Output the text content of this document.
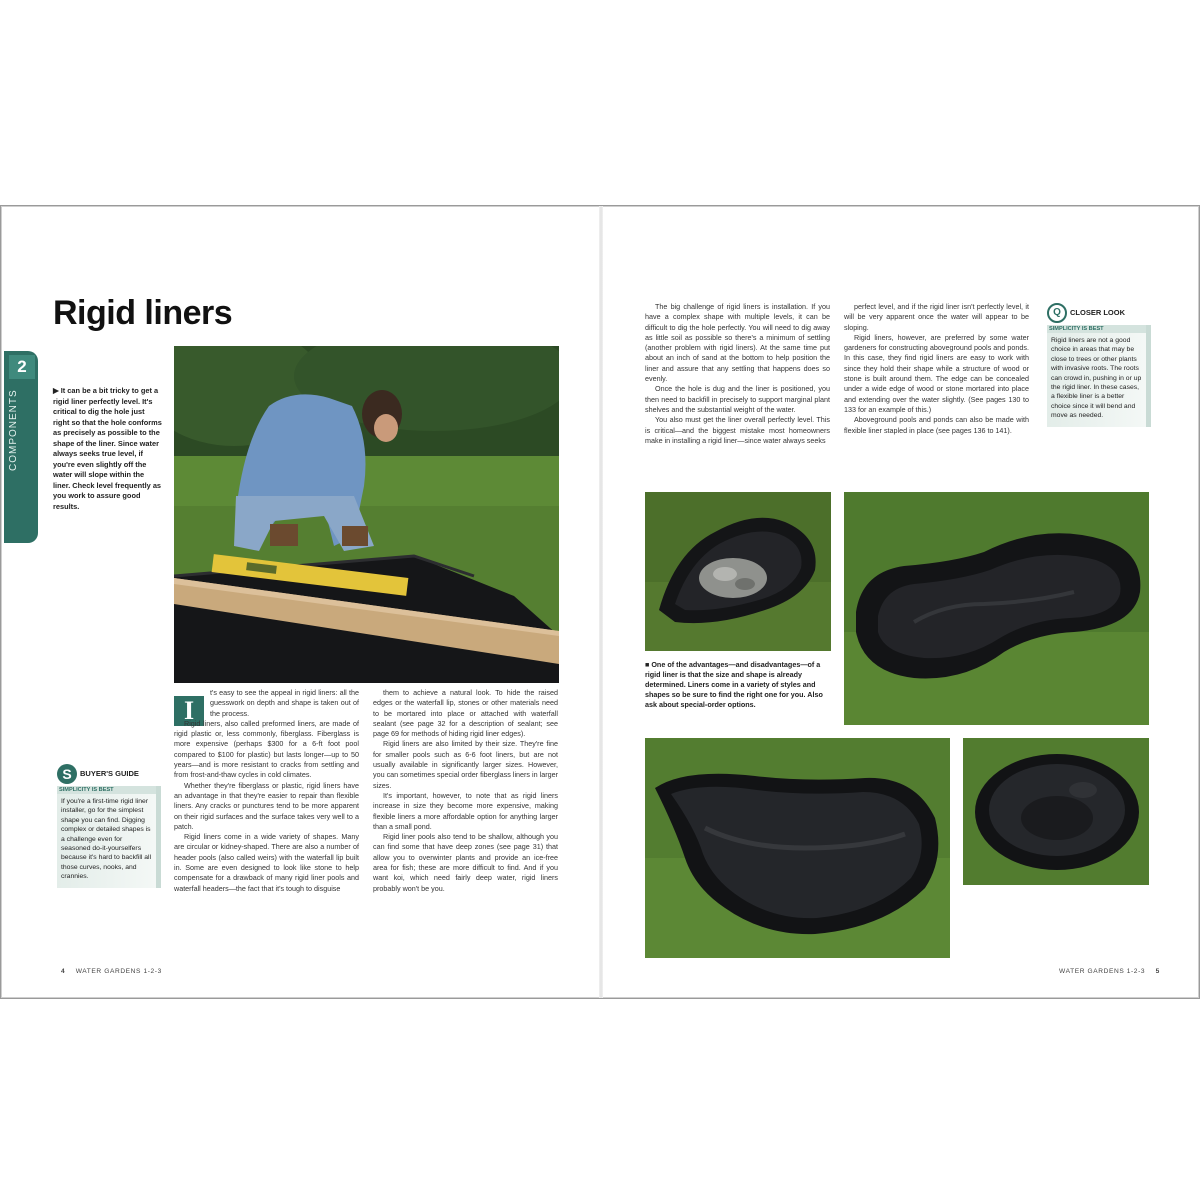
2
COMPONENTS
Rigid liners
▶ It can be a bit tricky to get a rigid liner perfectly level. It's critical to dig the hole just right so that the hole conforms as precisely as possible to the shape of the liner. Since water always seeks true level, if you're even slightly off the water will slope within the liner. Check level frequently as you work to assure good results.
I

t's easy to see the appeal in rigid liners: all the guesswork on depth and shape is taken out of the process.

Rigid liners, also called preformed liners, are made of rigid plastic or, less commonly, fiberglass. Fiberglass is more expensive (perhaps $300 for a 6-ft foot pool compared to $100 for plastic) but lasts longer—up to 50 years—and is more resistant to cracks from settling and from frost-and-thaw cycles in cold climates.

Whether they're fiberglass or plastic, rigid liners have an advantage in that they're easier to repair than flexible liners. Any cracks or punctures tend to be more apparent on their rigid surfaces and the surface takes very well to a patch.

Rigid liners come in a wide variety of shapes. Many are circular or kidney-shaped. There are also a number of header pools (also called weirs) with the waterfall lip built in. Some are even designed to look like stone to help compensate for a drawback of many rigid liner pools and waterfall headers—the fact that it's tough to disguise

them to achieve a natural look. To hide the raised edges or the waterfall lip, stones or other materials need to be mortared into place or attached with waterfall sealant (see page 32 for a description of sealant; see page 69 for methods of hiding rigid liner edges).

Rigid liners are also limited by their size. They're fine for smaller pools such as 6-6 foot liners, but are not usually available in significantly larger sizes. However, you can sometimes special order fiberglass liners in larger sizes.

It's important, however, to note that as rigid liners increase in size they become more expensive, making flexible liners a more affordable option for anything larger than a small pond.

Rigid liner pools also tend to be shallow, although you can find some that have deep zones (see page 31) that allow you to overwinter plants and provide an ice-free area for fish; these are more difficult to find. And if you want koi, which need fairly deep water, rigid liners probably won't be you.

S	BUYER'S GUIDE
SIMPLICITY IS BEST
If you're a first-time rigid liner installer, go for the simplest shape you can find. Digging complex or detailed shapes is a challenge even for seasoned do-it-yourselfers because it's hard to backfill all those curves, nooks, and crannies.

The big challenge of rigid liners is installation. If you have a complex shape with multiple levels, it can be difficult to dig the hole perfectly. You will need to dig away as little soil as possible so there's a minimum of settling (another problem with rigid liners). At the same time put about an inch of sand at the bottom to help position the liner and assure that any settling that happens does so evenly.

Once the hole is dug and the liner is positioned, you then need to backfill in precisely to support marginal plant shelves and the substantial weight of the water.

You also must get the liner overall perfectly level. This is critical—and the biggest mistake most homeowners make in installing a rigid liner—since water always seeks

perfect level, and if the rigid liner isn't perfectly level, it will be very apparent once the water will appear to be sloping.

Rigid liners, however, are preferred by some water gardeners for constructing aboveground pools and ponds. In this case, they find rigid liners are easy to work with since they hold their shape while a structure of wood or stone is built around them. The edge can be concealed under a wide edge of wood or stone mortared into place and extending over the water slightly. (See pages 130 to 133 for an example of this.)

Aboveground pools and ponds can also be made with flexible liner stapled in place (see pages 136 to 141).

Q	CLOSER LOOK
SIMPLICITY IS BEST
Rigid liners are not a good choice in areas that may be close to trees or other plants with invasive roots. The roots can crowd in, pushing in or up the rigid liner. In these cases, a flexible liner is a better choice since it will bend and move as needed.
■ One of the advantages—and disadvantages—of a rigid liner is that the size and shape is already determined. Liners come in a variety of styles and shapes so be sure to find the right one for you. Also ask about special-order options.
4 WATER GARDENS 1-2-3	WATER GARDENS 1-2-3 5
